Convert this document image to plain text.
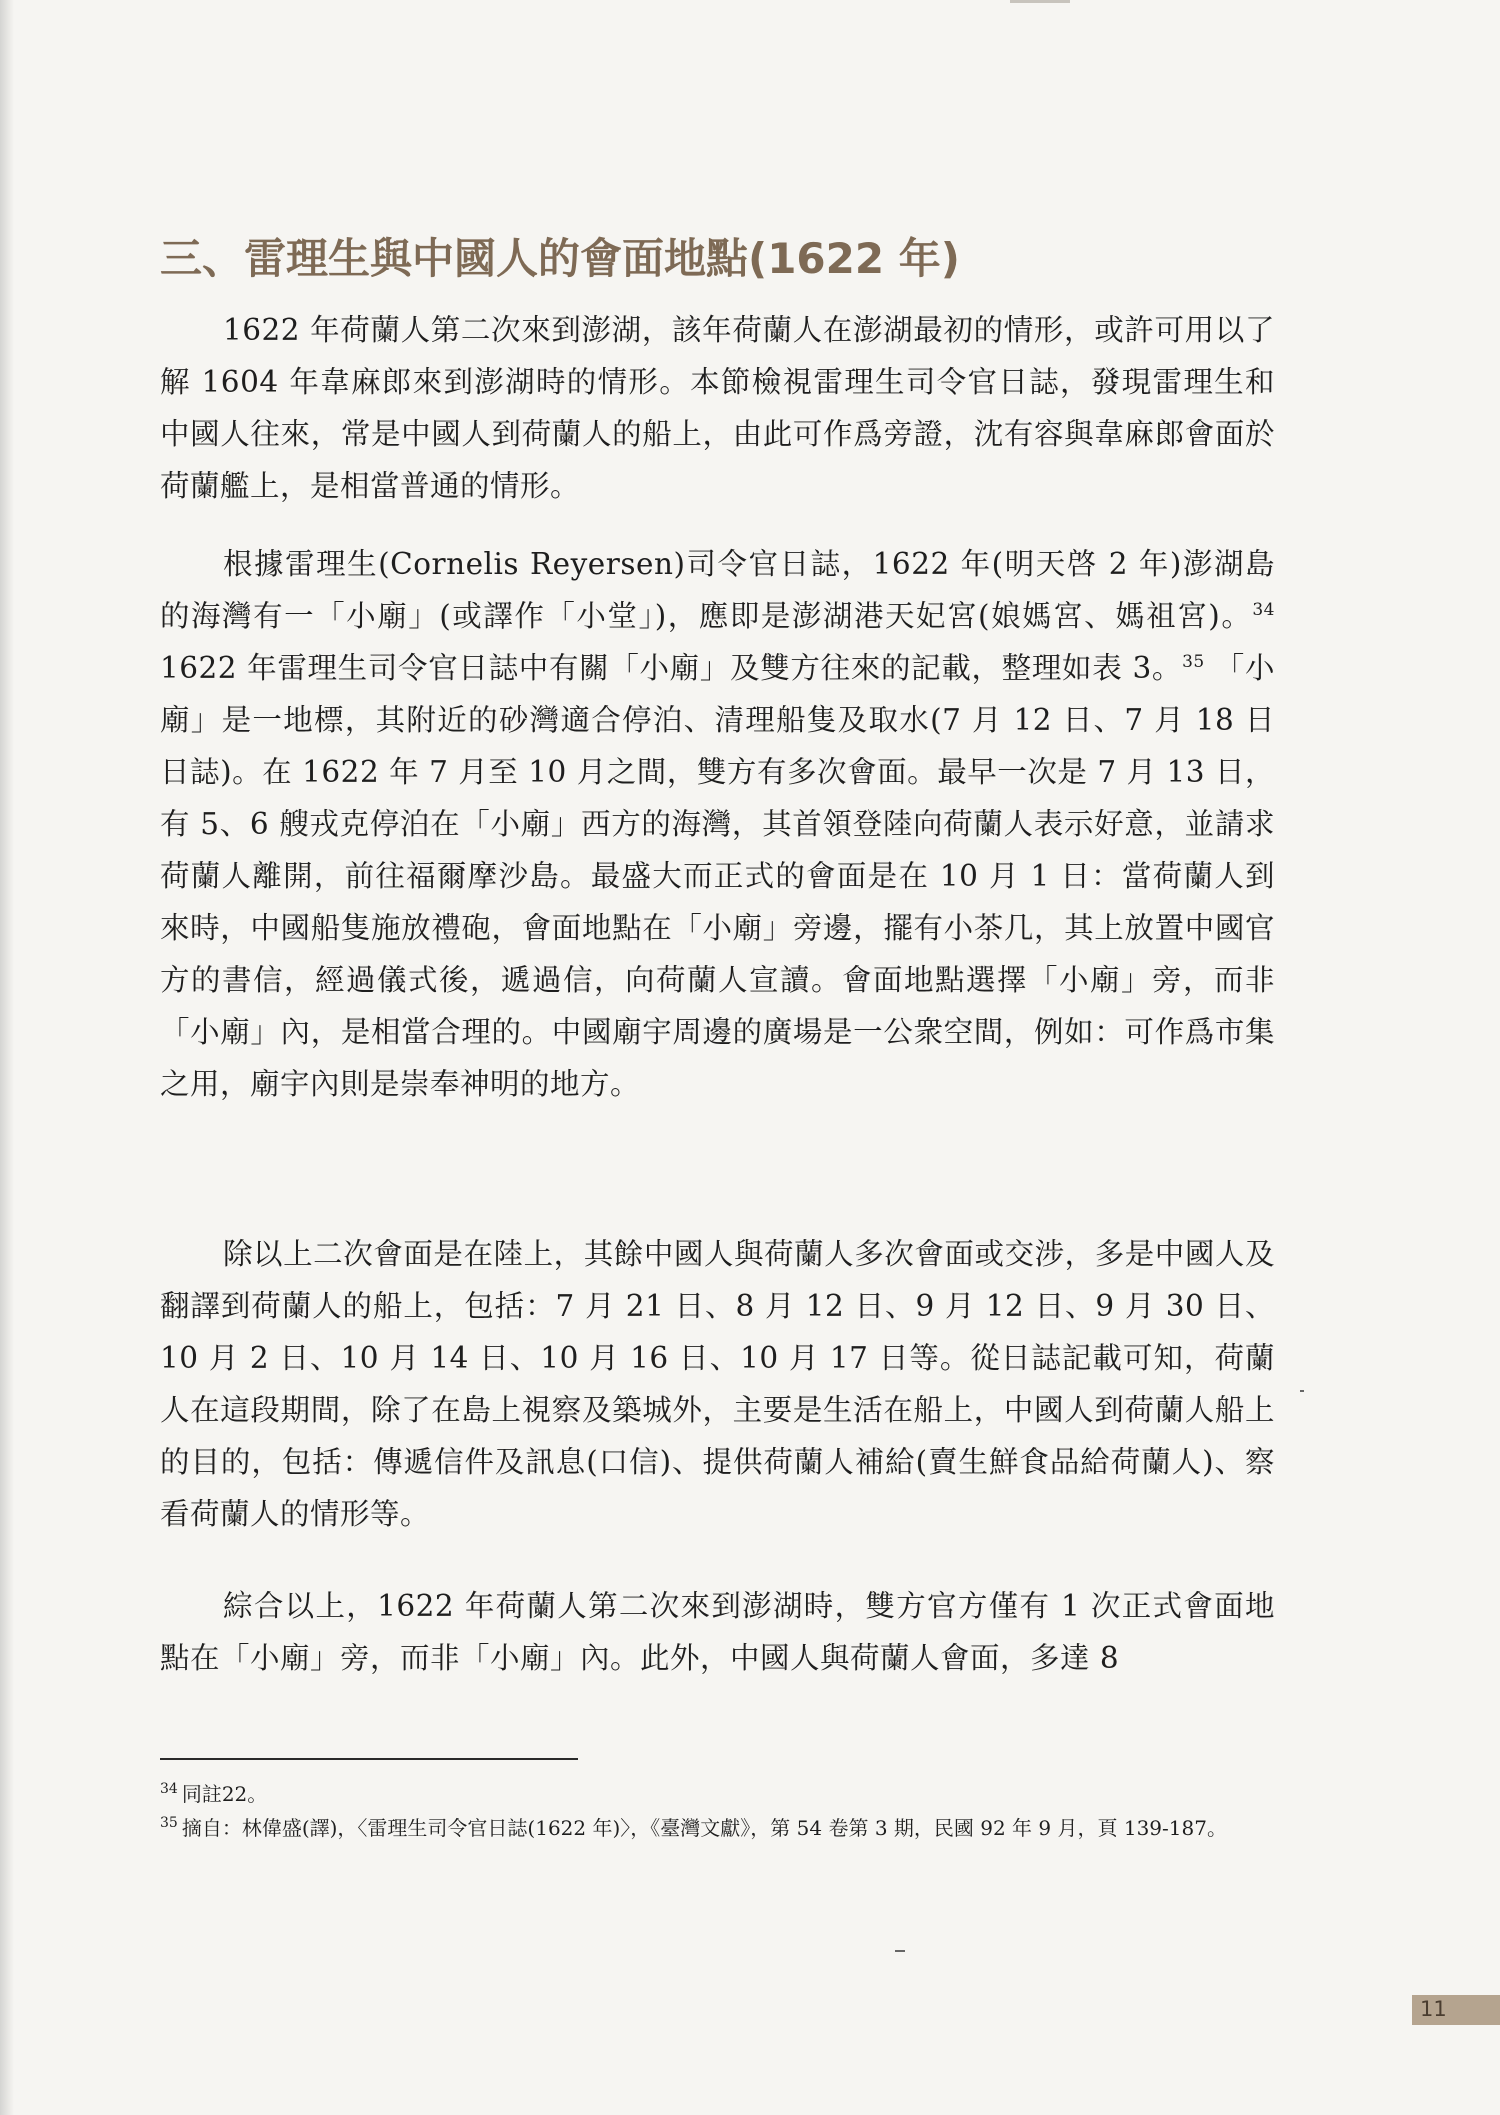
三、雷理生與中國人的會面地點(1622 年)

1622 年荷蘭人第二次來到澎湖，該年荷蘭人在澎湖最初的情形，或許可用以了解 1604 年韋麻郎來到澎湖時的情形。本節檢視雷理生司令官日誌，發現雷理生和中國人往來，常是中國人到荷蘭人的船上，由此可作爲旁證，沈有容與韋麻郎會面於荷蘭艦上，是相當普通的情形。

根據雷理生(Cornelis Reyersen)司令官日誌，1622 年(明天啓 2 年)澎湖島的海灣有一「小廟」(或譯作「小堂」)，應即是澎湖港天妃宮(娘媽宮、媽祖宮)。$^{34}$ 1622 年雷理生司令官日誌中有關「小廟」及雙方往來的記載，整理如表 3。$^{35}$ 「小廟」是一地標，其附近的砂灣適合停泊、清理船隻及取水(7 月 12 日、7 月 18 日日誌)。在 1622 年 7 月至 10 月之間，雙方有多次會面。最早一次是 7 月 13 日，有 5、6 艘戎克停泊在「小廟」西方的海灣，其首領登陸向荷蘭人表示好意，並請求荷蘭人離開，前往福爾摩沙島。最盛大而正式的會面是在 10 月 1 日：當荷蘭人到來時，中國船隻施放禮砲，會面地點在「小廟」旁邊，擺有小茶几，其上放置中國官方的書信，經過儀式後，遞過信，向荷蘭人宣讀。會面地點選擇「小廟」旁，而非「小廟」內，是相當合理的。中國廟宇周邊的廣場是一公衆空間，例如：可作爲市集之用，廟宇內則是崇奉神明的地方。

除以上二次會面是在陸上，其餘中國人與荷蘭人多次會面或交涉，多是中國人及翻譯到荷蘭人的船上，包括：7 月 21 日、8 月 12 日、9 月 12 日、9 月 30 日、10 月 2 日、10 月 14 日、10 月 16 日、10 月 17 日等。從日誌記載可知，荷蘭人在這段期間，除了在島上視察及築城外，主要是生活在船上，中國人到荷蘭人船上的目的，包括：傳遞信件及訊息(口信)、提供荷蘭人補給(賣生鮮食品給荷蘭人)、察看荷蘭人的情形等。

綜合以上，1622 年荷蘭人第二次來到澎湖時，雙方官方僅有 1 次正式會面地點在「小廟」旁，而非「小廟」內。此外，中國人與荷蘭人會面，多達 8

$^{34}$ 同註22。

$^{35}$ 摘自：林偉盛(譯)，〈雷理生司令官日誌(1622 年)〉，《臺灣文獻》，第 54 卷第 3 期，民國 92 年 9 月，頁 139-187。

11
